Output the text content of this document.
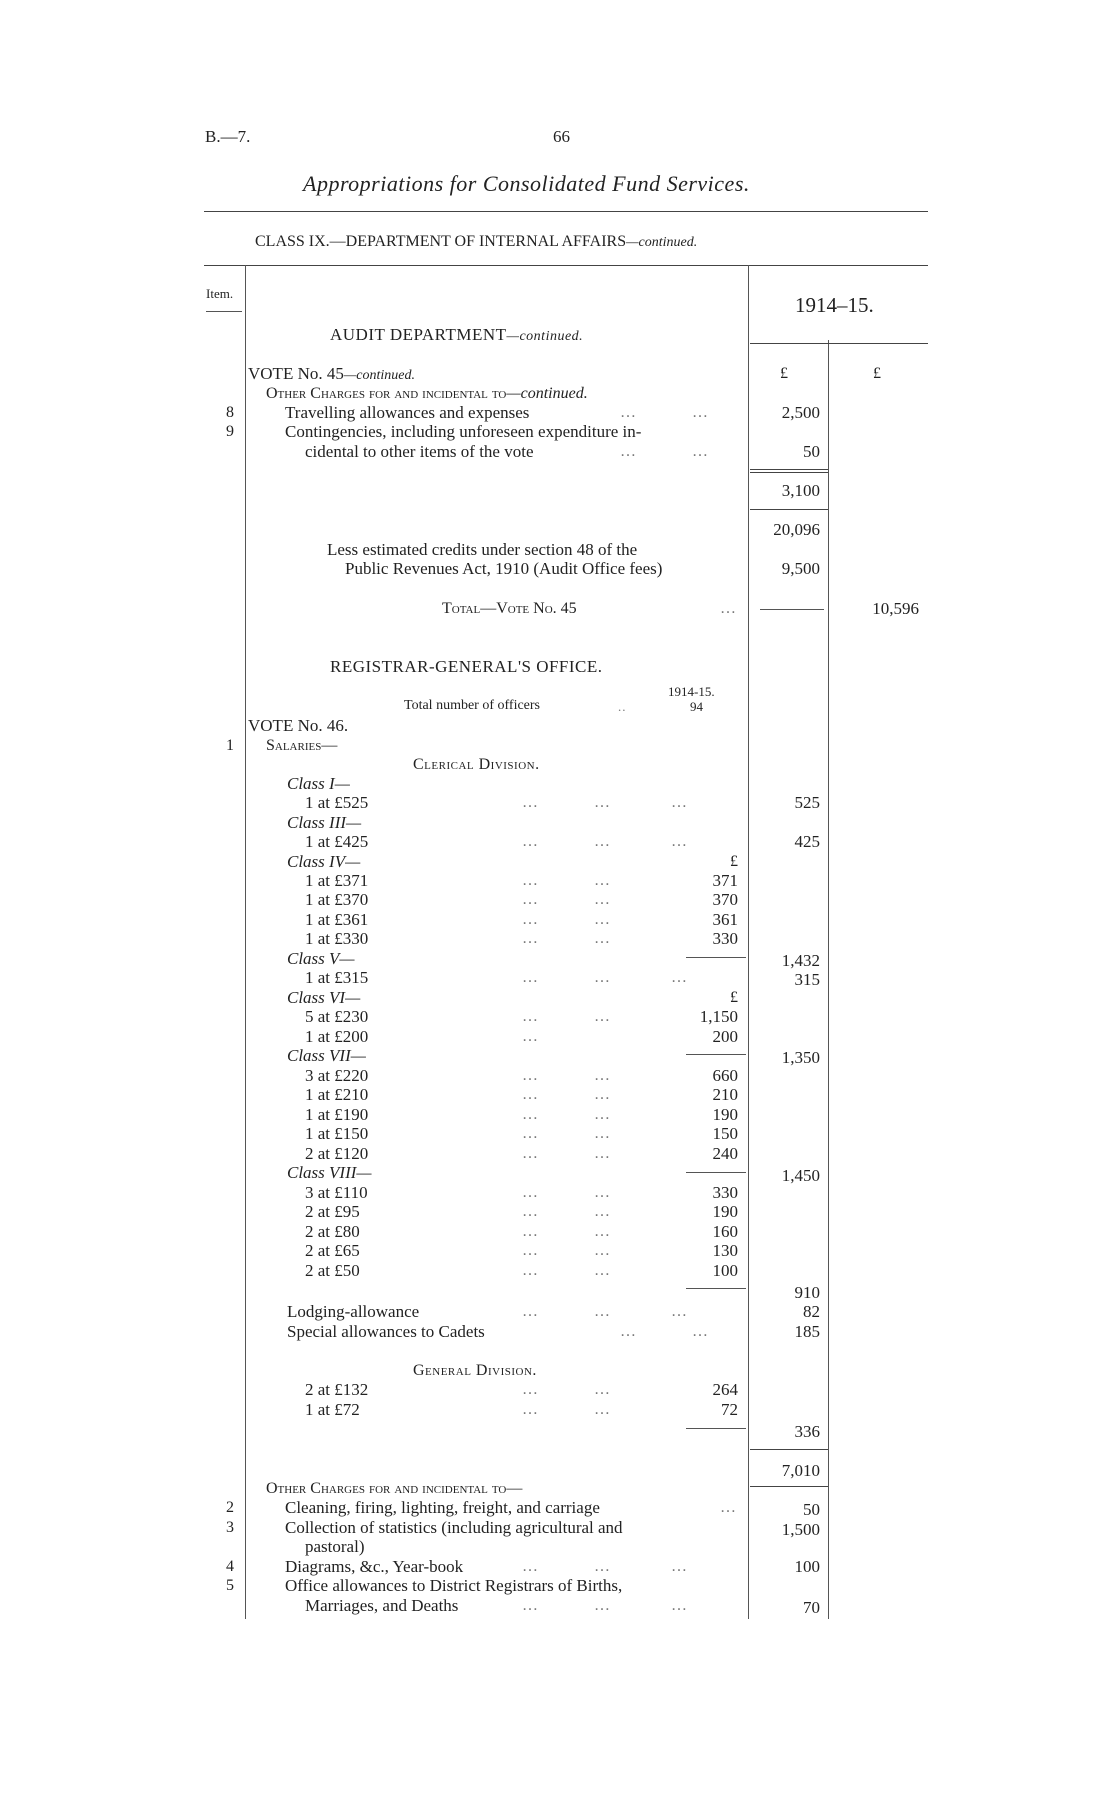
B.—7.	66
Appropriations for Consolidated Fund Services.
CLASS IX.—DEPARTMENT OF INTERNAL AFFAIRS—continued.
Item.	1914–15.
AUDIT DEPARTMENT—continued.
VOTE No. 45—continued.	£	£
Other Charges for and incidental to—continued.
8	Travelling allowances and expenses	…           …	2,500
9	Contingencies, including unforeseen expenditure in-
cidental to other items of the vote	…           …	50
3,100
20,096
Less estimated credits under section 48 of the
Public Revenues Act, 1910 (Audit Office fees)	9,500
Total—Vote No. 45	…	10,596
REGISTRAR-GENERAL'S OFFICE.
1914-15.
Total number of officers	..	94
VOTE No. 46.
1 Salaries—
Clerical Division.
Class I—
1 at £525	…           …            …	525
Class III—
1 at £425	…           …            …	425
Class IV—	£
1 at £371	…           …	371
1 at £370	…           …	370
1 at £361	…           …	361
1 at £330	…           …	330
1,432
Class V—
1 at £315	…           …            …	315
Class VI—	£
5 at £230	…           …	1,150
1 at £200	…	200
1,350
Class VII—
3 at £220	…           …	660
1 at £210	…           …	210
1 at £190	…           …	190
1 at £150	…           …	150
2 at £120	…           …	240
1,450
Class VIII—
3 at £110	…           …	330
2 at £95	…           …	190
2 at £80	…           …	160
2 at £65	…           …	130
2 at £50	…           …	100
910
Lodging-allowance	…           …            …	82
Special allowances to Cadets	…           …	185
General Division.
2 at £132	…           …	264
1 at £72	…           …	72
336
7,010
Other Charges for and incidental to—
2	Cleaning, firing, lighting, freight, and carriage	…	50
3	Collection of statistics (including agricultural and
pastoral)
1,500
4	Diagrams, &c., Year-book	…           …            …	100
5	Office allowances to District Registrars of Births,
Marriages, and Deaths	…           …            …	70
